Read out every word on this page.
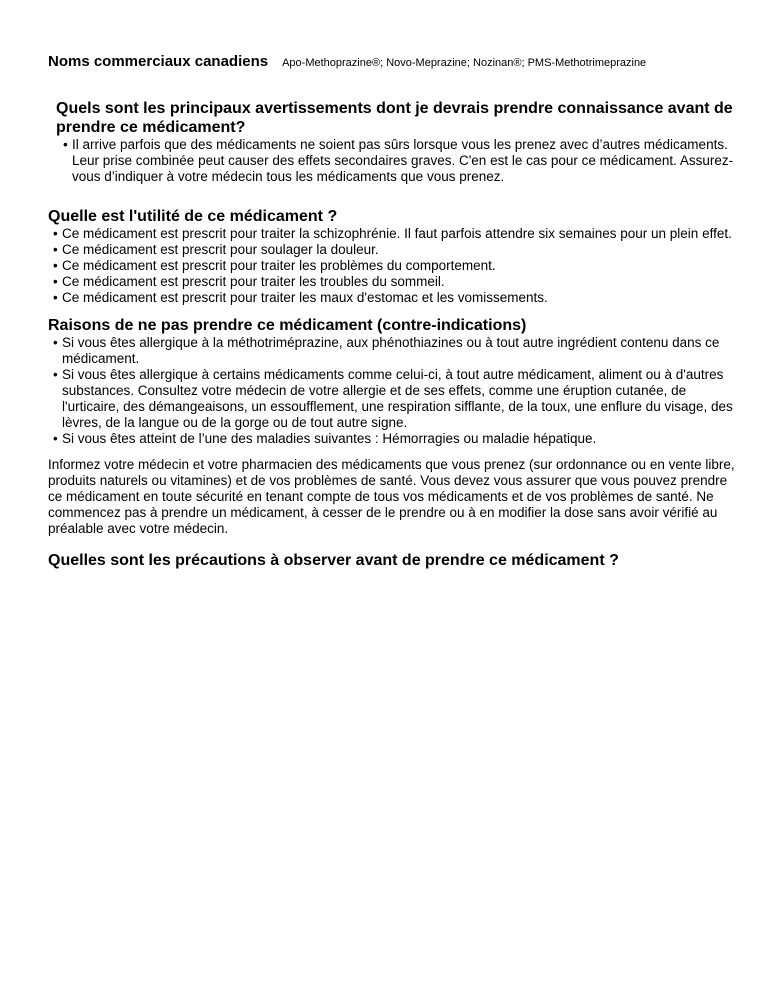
Noms commerciaux canadiens Apo-Methoprazine®; Novo-Meprazine; Nozinan®; PMS-Methotrimeprazine
Quels sont les principaux avertissements dont je devrais prendre connaissance avant de prendre ce médicament?
• Il arrive parfois que des médicaments ne soient pas sûrs lorsque vous les prenez avec d’autres médicaments. Leur prise combinée peut causer des effets secondaires graves. C'en est le cas pour ce médicament. Assurez-vous d’indiquer à votre médecin tous les médicaments que vous prenez.
Quelle est l'utilité de ce médicament ?
• Ce médicament est prescrit pour traiter la schizophrénie. Il faut parfois attendre six semaines pour un plein effet.
• Ce médicament est prescrit pour soulager la douleur.
• Ce médicament est prescrit pour traiter les problèmes du comportement.
• Ce médicament est prescrit pour traiter les troubles du sommeil.
• Ce médicament est prescrit pour traiter les maux d'estomac et les vomissements.
Raisons de ne pas prendre ce médicament (contre-indications)
• Si vous êtes allergique à la méthotriméprazine, aux phénothiazines ou à tout autre ingrédient contenu dans ce médicament.
• Si vous êtes allergique à certains médicaments comme celui-ci, à tout autre médicament, aliment ou à d'autres substances. Consultez votre médecin de votre allergie et de ses effets, comme une éruption cutanée, de l'urticaire, des démangeaisons, un essoufflement, une respiration sifflante, de la toux, une enflure du visage, des lèvres, de la langue ou de la gorge ou de tout autre signe.
• Si vous êtes atteint de l’une des maladies suivantes : Hémorragies ou maladie hépatique.

Informez votre médecin et votre pharmacien des médicaments que vous prenez (sur ordonnance ou en vente libre, produits naturels ou vitamines) et de vos problèmes de santé. Vous devez vous assurer que vous pouvez prendre ce médicament en toute sécurité en tenant compte de tous vos médicaments et de vos problèmes de santé. Ne commencez pas à prendre un médicament, à cesser de le prendre ou à en modifier la dose sans avoir vérifié au préalable avec votre médecin.

Quelles sont les précautions à observer avant de prendre ce médicament ?
